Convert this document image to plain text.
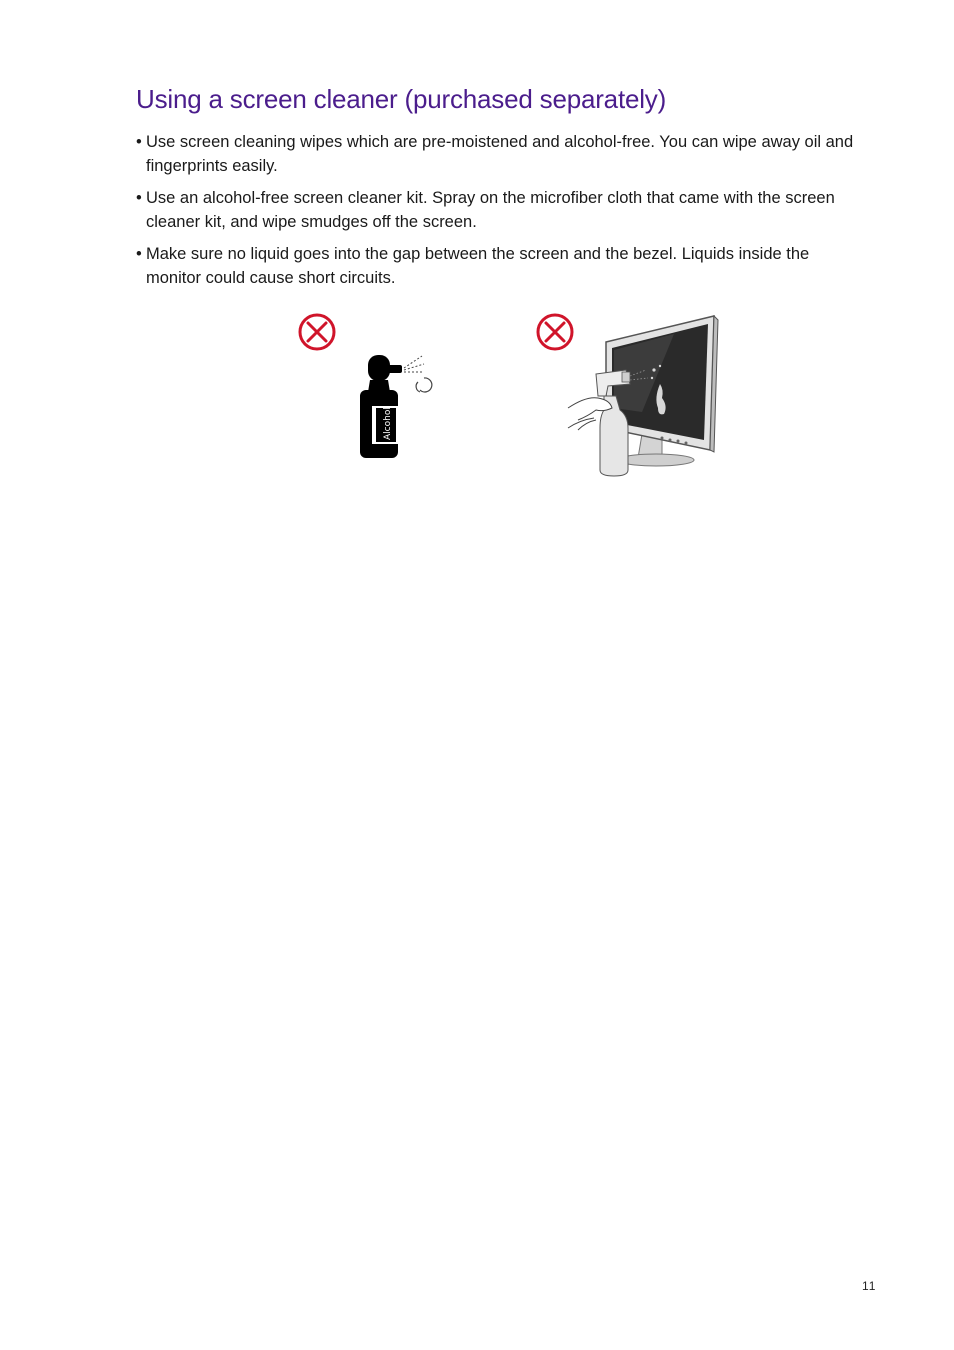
Using a screen cleaner (purchased separately)
• Use screen cleaning wipes which are pre-moistened and alcohol-free. You can wipe away oil and fingerprints easily.
• Use an alcohol-free screen cleaner kit. Spray on the microfiber cloth that came with the screen cleaner kit, and wipe smudges off the screen.
• Make sure no liquid goes into the gap between the screen and the bezel. Liquids inside the monitor could cause short circuits.
Alcohol
11
